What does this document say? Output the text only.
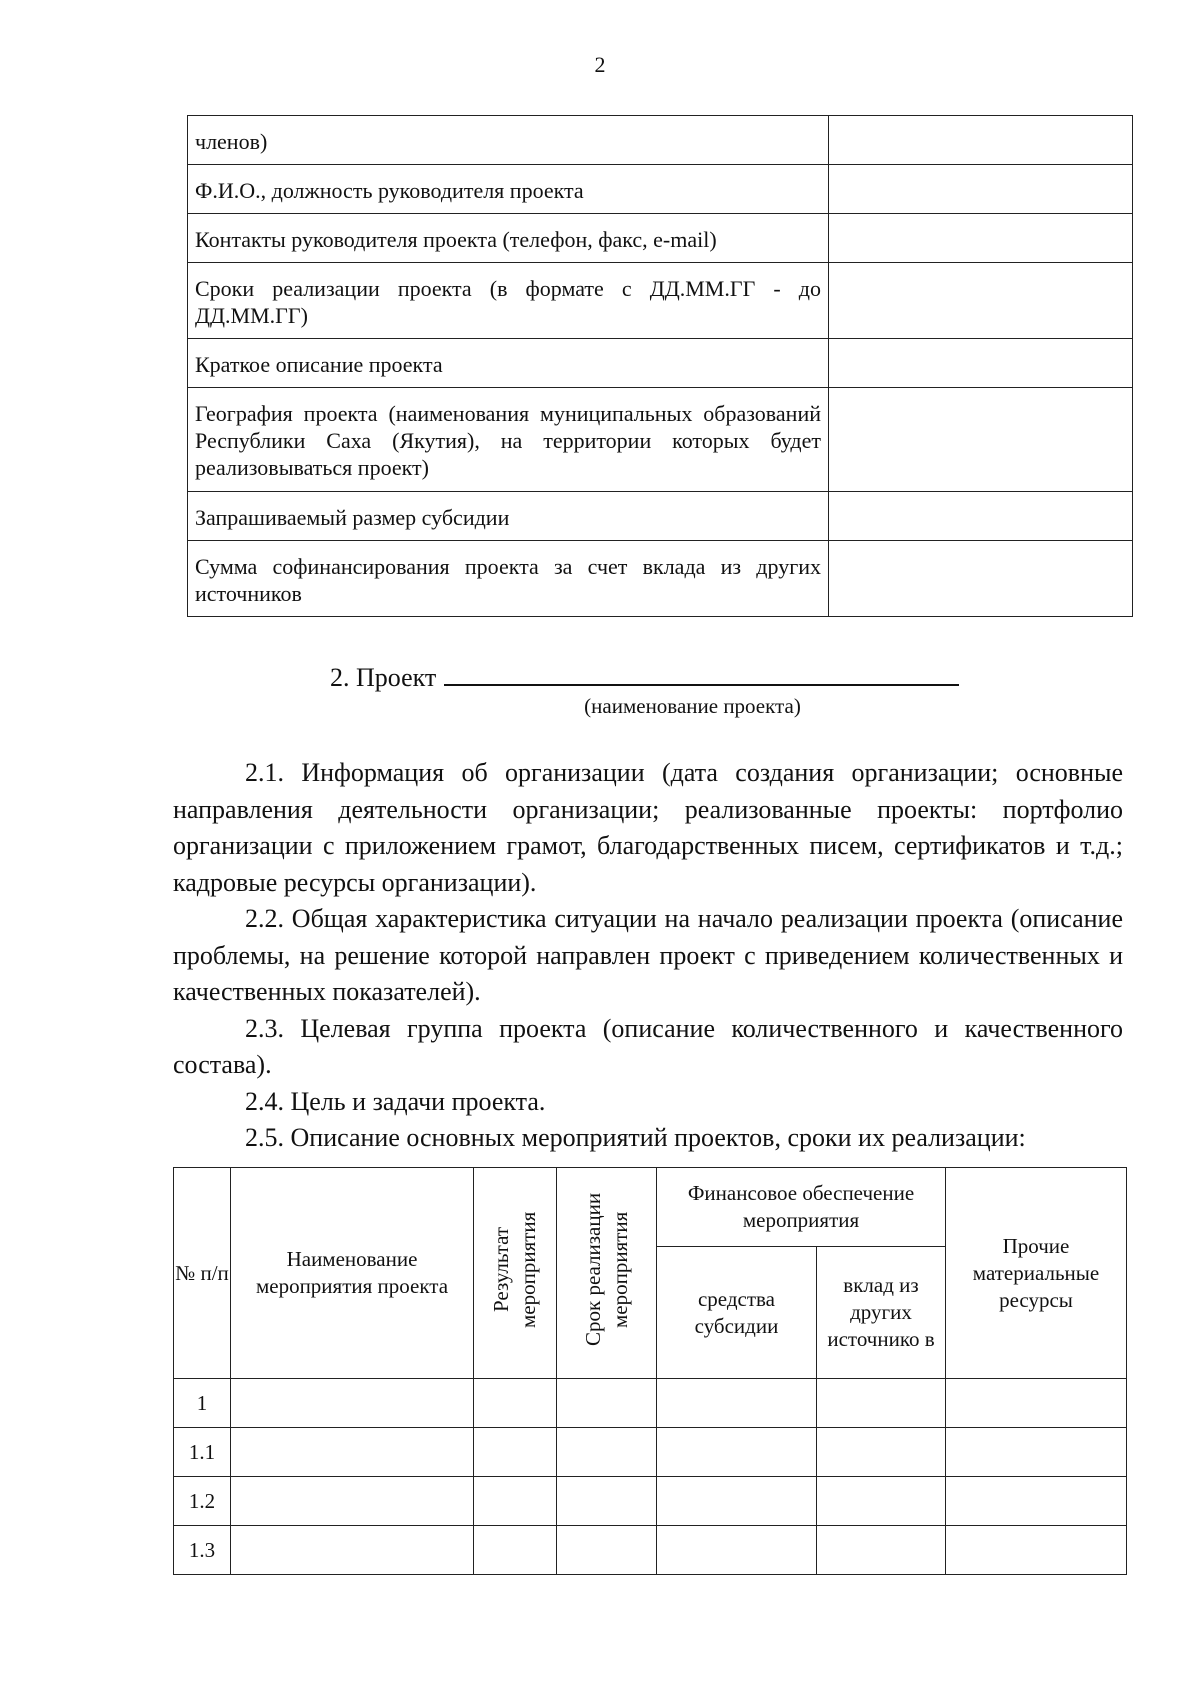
2
членов)	
Ф.И.О., должность руководителя проекта	
Контакты руководителя проекта (телефон, факс, e-mail)	
Сроки реализации проекта (в формате с ДД.ММ.ГГ - до ДД.ММ.ГГ)	
Краткое описание проекта	
География проекта (наименования муниципальных образований Республики Саха (Якутия), на территории которых будет реализовываться проект)	
Запрашиваемый размер субсидии	
Сумма софинансирования проекта за счет вклада из других источников	
2. Проект
(наименование проекта)

2.1. Информация об организации (дата создания организации; основные направления деятельности организации; реализованные проекты: портфолио организации с приложением грамот, благодарственных писем, сертификатов и т.д.; кадровые ресурсы организации).

2.2. Общая характеристика ситуации на начало реализации проекта (описание проблемы, на решение которой направлен проект с приведением количественных и качественных показателей).

2.3. Целевая группа проекта (описание количественного и качественного состава).

2.4. Цель и задачи проекта.

2.5. Описание основных мероприятий проектов, сроки их реализации:

№ п/п	Наименование мероприятия проекта	Результат мероприятия	Срок реализации мероприятия	Финансовое обеспечение мероприятия		Прочие материальные ресурсы
				средства субсидии	вклад из других источнико в	
1						
1.1						
1.2						
1.3						
